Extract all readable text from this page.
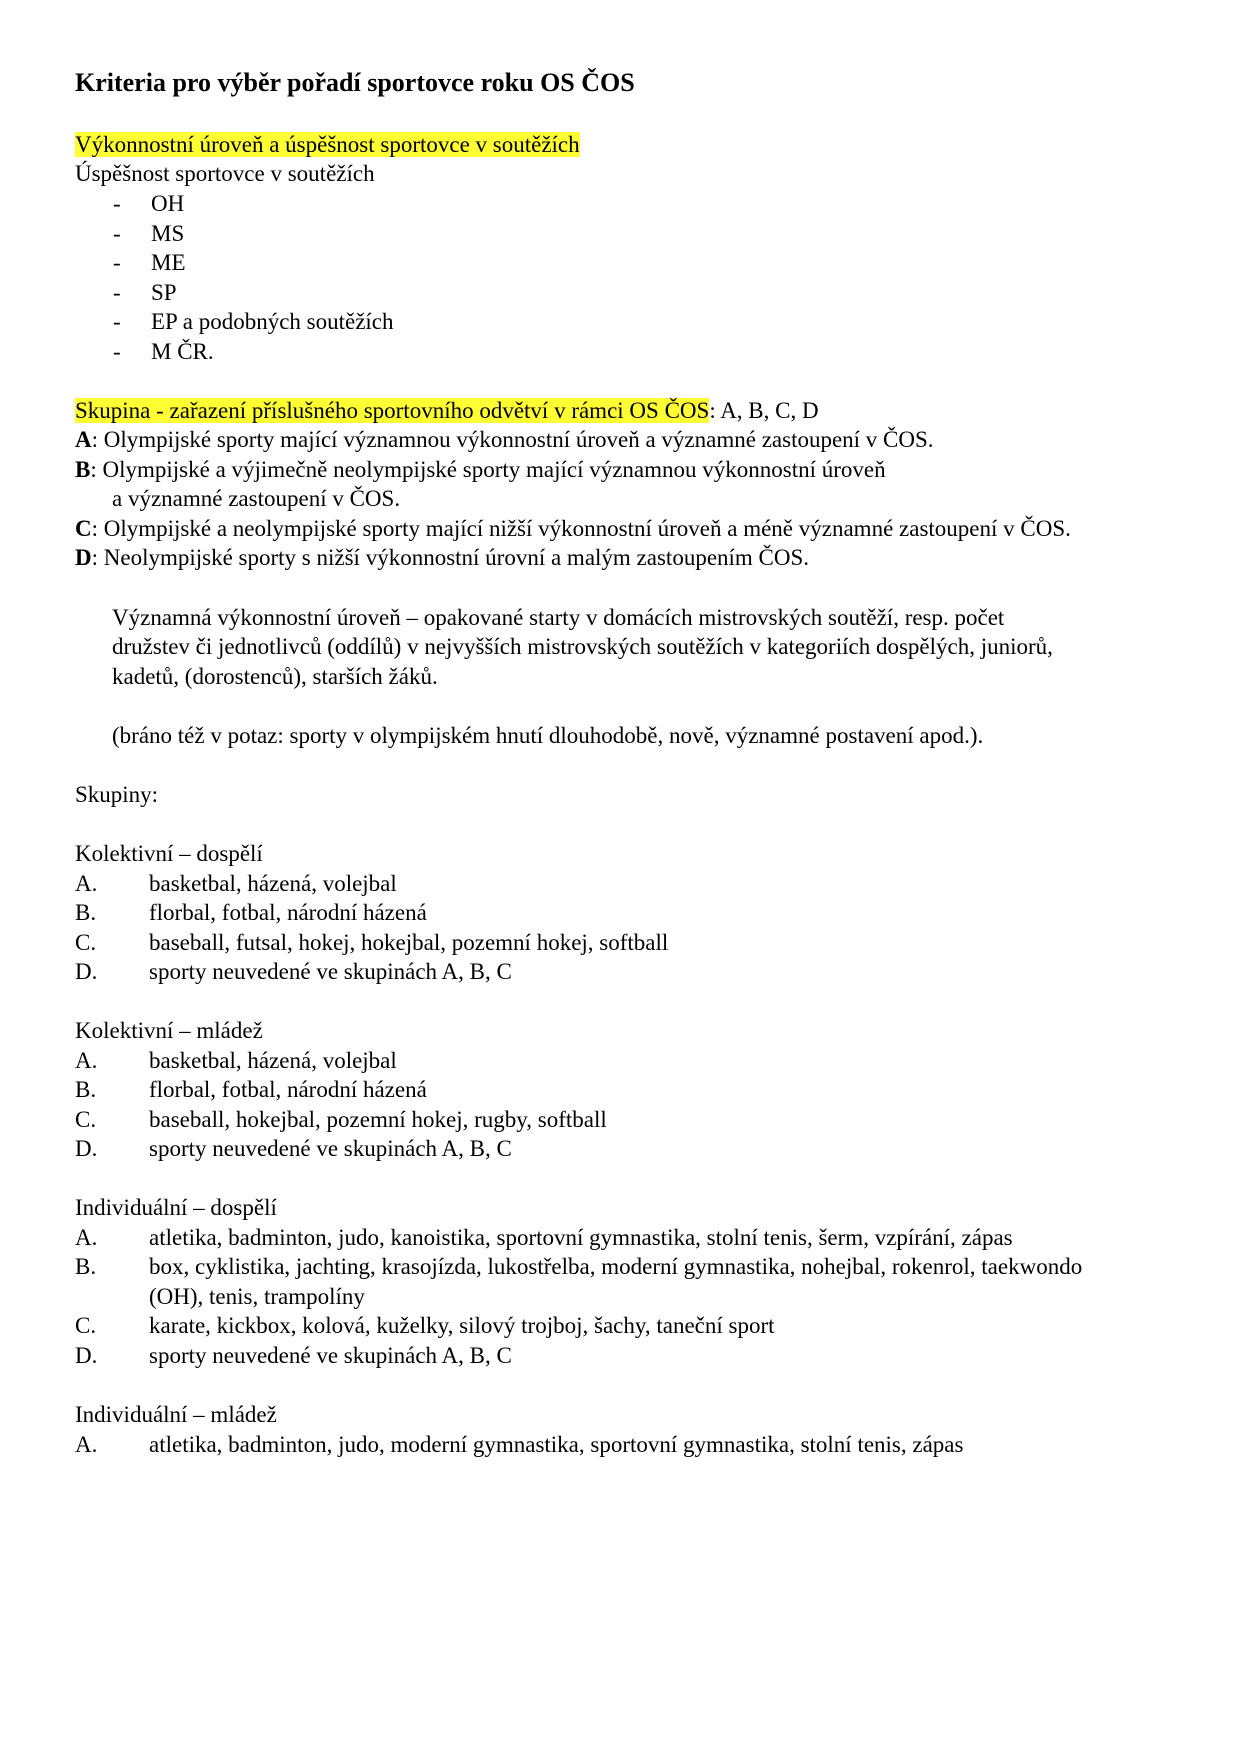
Kriteria pro výběr pořadí sportovce roku OS ČOS
Výkonnostní úroveň a úspěšnost sportovce v soutěžích
Úspěšnost sportovce v soutěžích
- OH
- MS
- ME
- SP
- EP a podobných soutěžích
- M ČR.
Skupina - zařazení příslušného sportovního odvětví v rámci OS ČOS: A, B, C, D
A: Olympijské sporty mající významnou výkonnostní úroveň a významné zastoupení v ČOS.
B: Olympijské a výjimečně neolympijské sporty mající významnou výkonnostní úroveň
a významné zastoupení v ČOS.
C: Olympijské a neolympijské sporty mající nižší výkonnostní úroveň a méně významné zastoupení v ČOS.
D: Neolympijské sporty s nižší výkonnostní úrovní a malým zastoupením ČOS.
Významná výkonnostní úroveň – opakované starty v domácích mistrovských soutěží, resp. počet
družstev či jednotlivců (oddílů) v nejvyšších mistrovských soutěžích v kategoriích dospělých, juniorů,
kadetů, (dorostenců), starších žáků.
(bráno též v potaz: sporty v olympijském hnutí dlouhodobě, nově, významné postavení apod.).
Skupiny:
Kolektivní – dospělí
A. basketbal, házená, volejbal
B. florbal, fotbal, národní házená
C. baseball, futsal, hokej, hokejbal, pozemní hokej, softball
D. sporty neuvedené ve skupinách A, B, C
Kolektivní – mládež
A. basketbal, házená, volejbal
B. florbal, fotbal, národní házená
C. baseball, hokejbal, pozemní hokej, rugby, softball
D. sporty neuvedené ve skupinách A, B, C
Individuální – dospělí
A. atletika, badminton, judo, kanoistika, sportovní gymnastika, stolní tenis, šerm, vzpírání, zápas
B. box, cyklistika, jachting, krasojízda, lukostřelba, moderní gymnastika, nohejbal, rokenrol, taekwondo
(OH), tenis, trampolíny
C. karate, kickbox, kolová, kuželky, silový trojboj, šachy, taneční sport
D. sporty neuvedené ve skupinách A, B, C
Individuální – mládež
A. atletika, badminton, judo, moderní gymnastika, sportovní gymnastika, stolní tenis, zápas
